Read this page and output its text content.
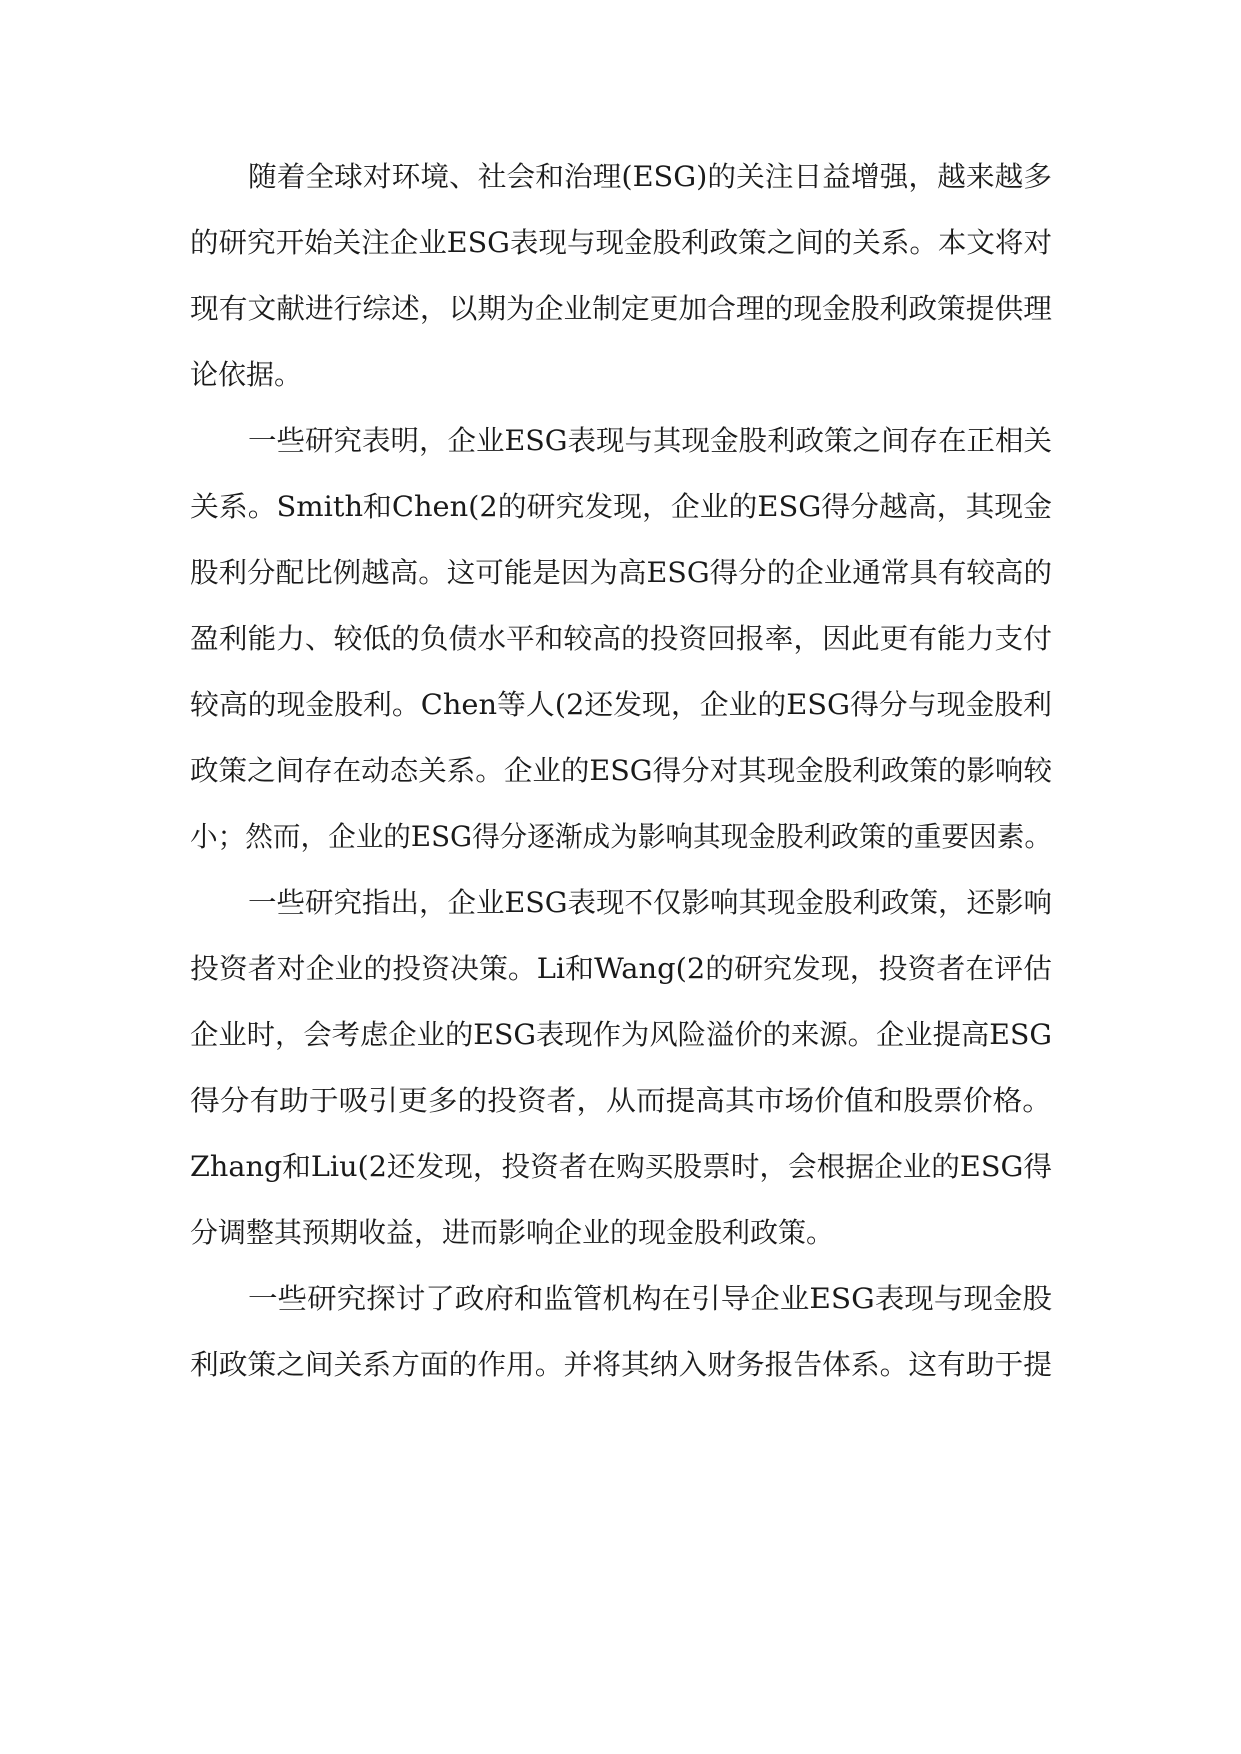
随着全球对环境、社会和治理(ESG)的关注日益增强，越来越多
的研究开始关注企业ESG表现与现金股利政策之间的关系。本文将对
现有文献进行综述，以期为企业制定更加合理的现金股利政策提供理
论依据。
一些研究表明，企业ESG表现与其现金股利政策之间存在正相关
关系。Smith和Chen(2的研究发现，企业的ESG得分越高，其现金
股利分配比例越高。这可能是因为高ESG得分的企业通常具有较高的
盈利能力、较低的负债水平和较高的投资回报率，因此更有能力支付
较高的现金股利。Chen等人(2还发现，企业的ESG得分与现金股利
政策之间存在动态关系。企业的ESG得分对其现金股利政策的影响较
小；然而，企业的ESG得分逐渐成为影响其现金股利政策的重要因素。
一些研究指出，企业ESG表现不仅影响其现金股利政策，还影响
投资者对企业的投资决策。Li和Wang(2的研究发现，投资者在评估
企业时，会考虑企业的ESG表现作为风险溢价的来源。企业提高ESG
得分有助于吸引更多的投资者，从而提高其市场价值和股票价格。
Zhang和Liu(2还发现，投资者在购买股票时，会根据企业的ESG得
分调整其预期收益，进而影响企业的现金股利政策。
一些研究探讨了政府和监管机构在引导企业ESG表现与现金股
利政策之间关系方面的作用。并将其纳入财务报告体系。这有助于提
